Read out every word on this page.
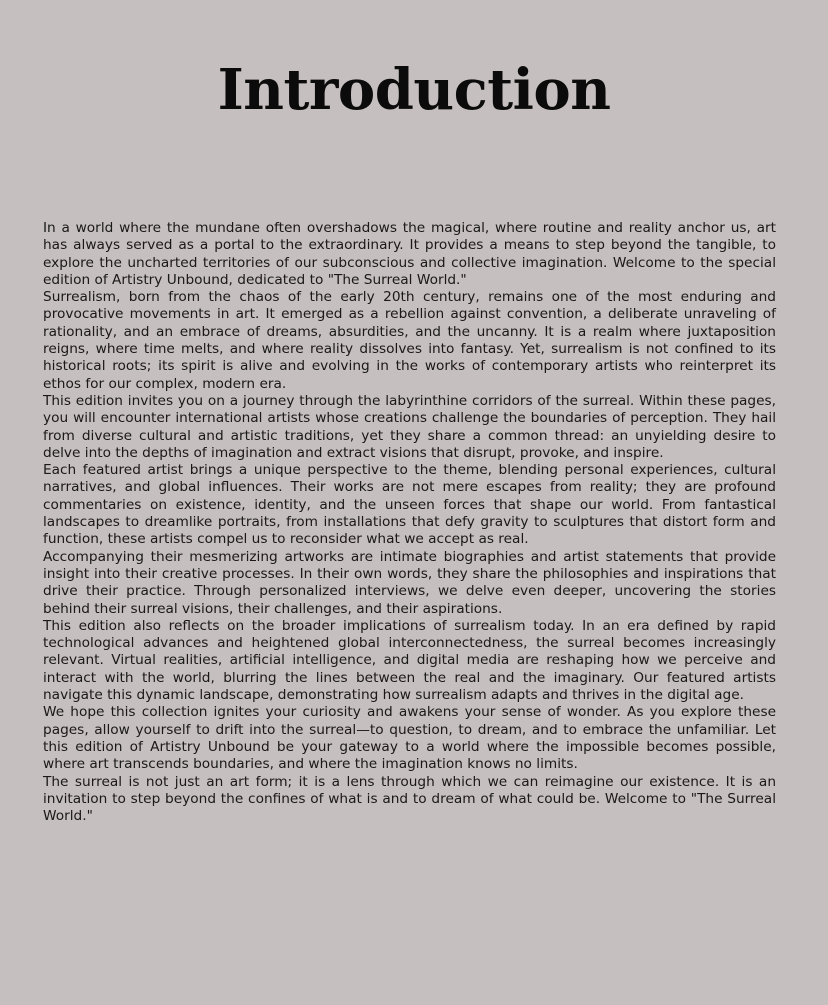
Introduction

In a world where the mundane often overshadows the magical, where routine and reality anchor us, art has always served as a portal to the extraordinary. It provides a means to step beyond the tangible, to explore the uncharted territories of our subconscious and collective imagination. Welcome to the special edition of Artistry Unbound, dedicated to "The Surreal World."

Surrealism, born from the chaos of the early 20th century, remains one of the most enduring and provocative movements in art. It emerged as a rebellion against convention, a deliberate unraveling of rationality, and an embrace of dreams, absurdities, and the uncanny. It is a realm where juxtaposition reigns, where time melts, and where reality dissolves into fantasy. Yet, surrealism is not confined to its historical roots; its spirit is alive and evolving in the works of contemporary artists who reinterpret its ethos for our complex, modern era.

This edition invites you on a journey through the labyrinthine corridors of the surreal. Within these pages, you will encounter international artists whose creations challenge the boundaries of perception. They hail from diverse cultural and artistic traditions, yet they share a common thread: an unyielding desire to delve into the depths of imagination and extract visions that disrupt, provoke, and inspire.

Each featured artist brings a unique perspective to the theme, blending personal experiences, cultural narratives, and global influences. Their works are not mere escapes from reality; they are profound commentaries on existence, identity, and the unseen forces that shape our world. From fantastical landscapes to dreamlike portraits, from installations that defy gravity to sculptures that distort form and function, these artists compel us to reconsider what we accept as real.

Accompanying their mesmerizing artworks are intimate biographies and artist statements that provide insight into their creative processes. In their own words, they share the philosophies and inspirations that drive their practice. Through personalized interviews, we delve even deeper, uncovering the stories behind their surreal visions, their challenges, and their aspirations.

This edition also reflects on the broader implications of surrealism today. In an era defined by rapid technological advances and heightened global interconnectedness, the surreal becomes increasingly relevant. Virtual realities, artificial intelligence, and digital media are reshaping how we perceive and interact with the world, blurring the lines between the real and the imaginary. Our featured artists navigate this dynamic landscape, demonstrating how surrealism adapts and thrives in the digital age.

We hope this collection ignites your curiosity and awakens your sense of wonder. As you explore these pages, allow yourself to drift into the surreal—to question, to dream, and to embrace the unfamiliar. Let this edition of Artistry Unbound be your gateway to a world where the impossible becomes possible, where art transcends boundaries, and where the imagination knows no limits.

The surreal is not just an art form; it is a lens through which we can reimagine our existence. It is an invitation to step beyond the confines of what is and to dream of what could be. Welcome to "The Surreal World."
